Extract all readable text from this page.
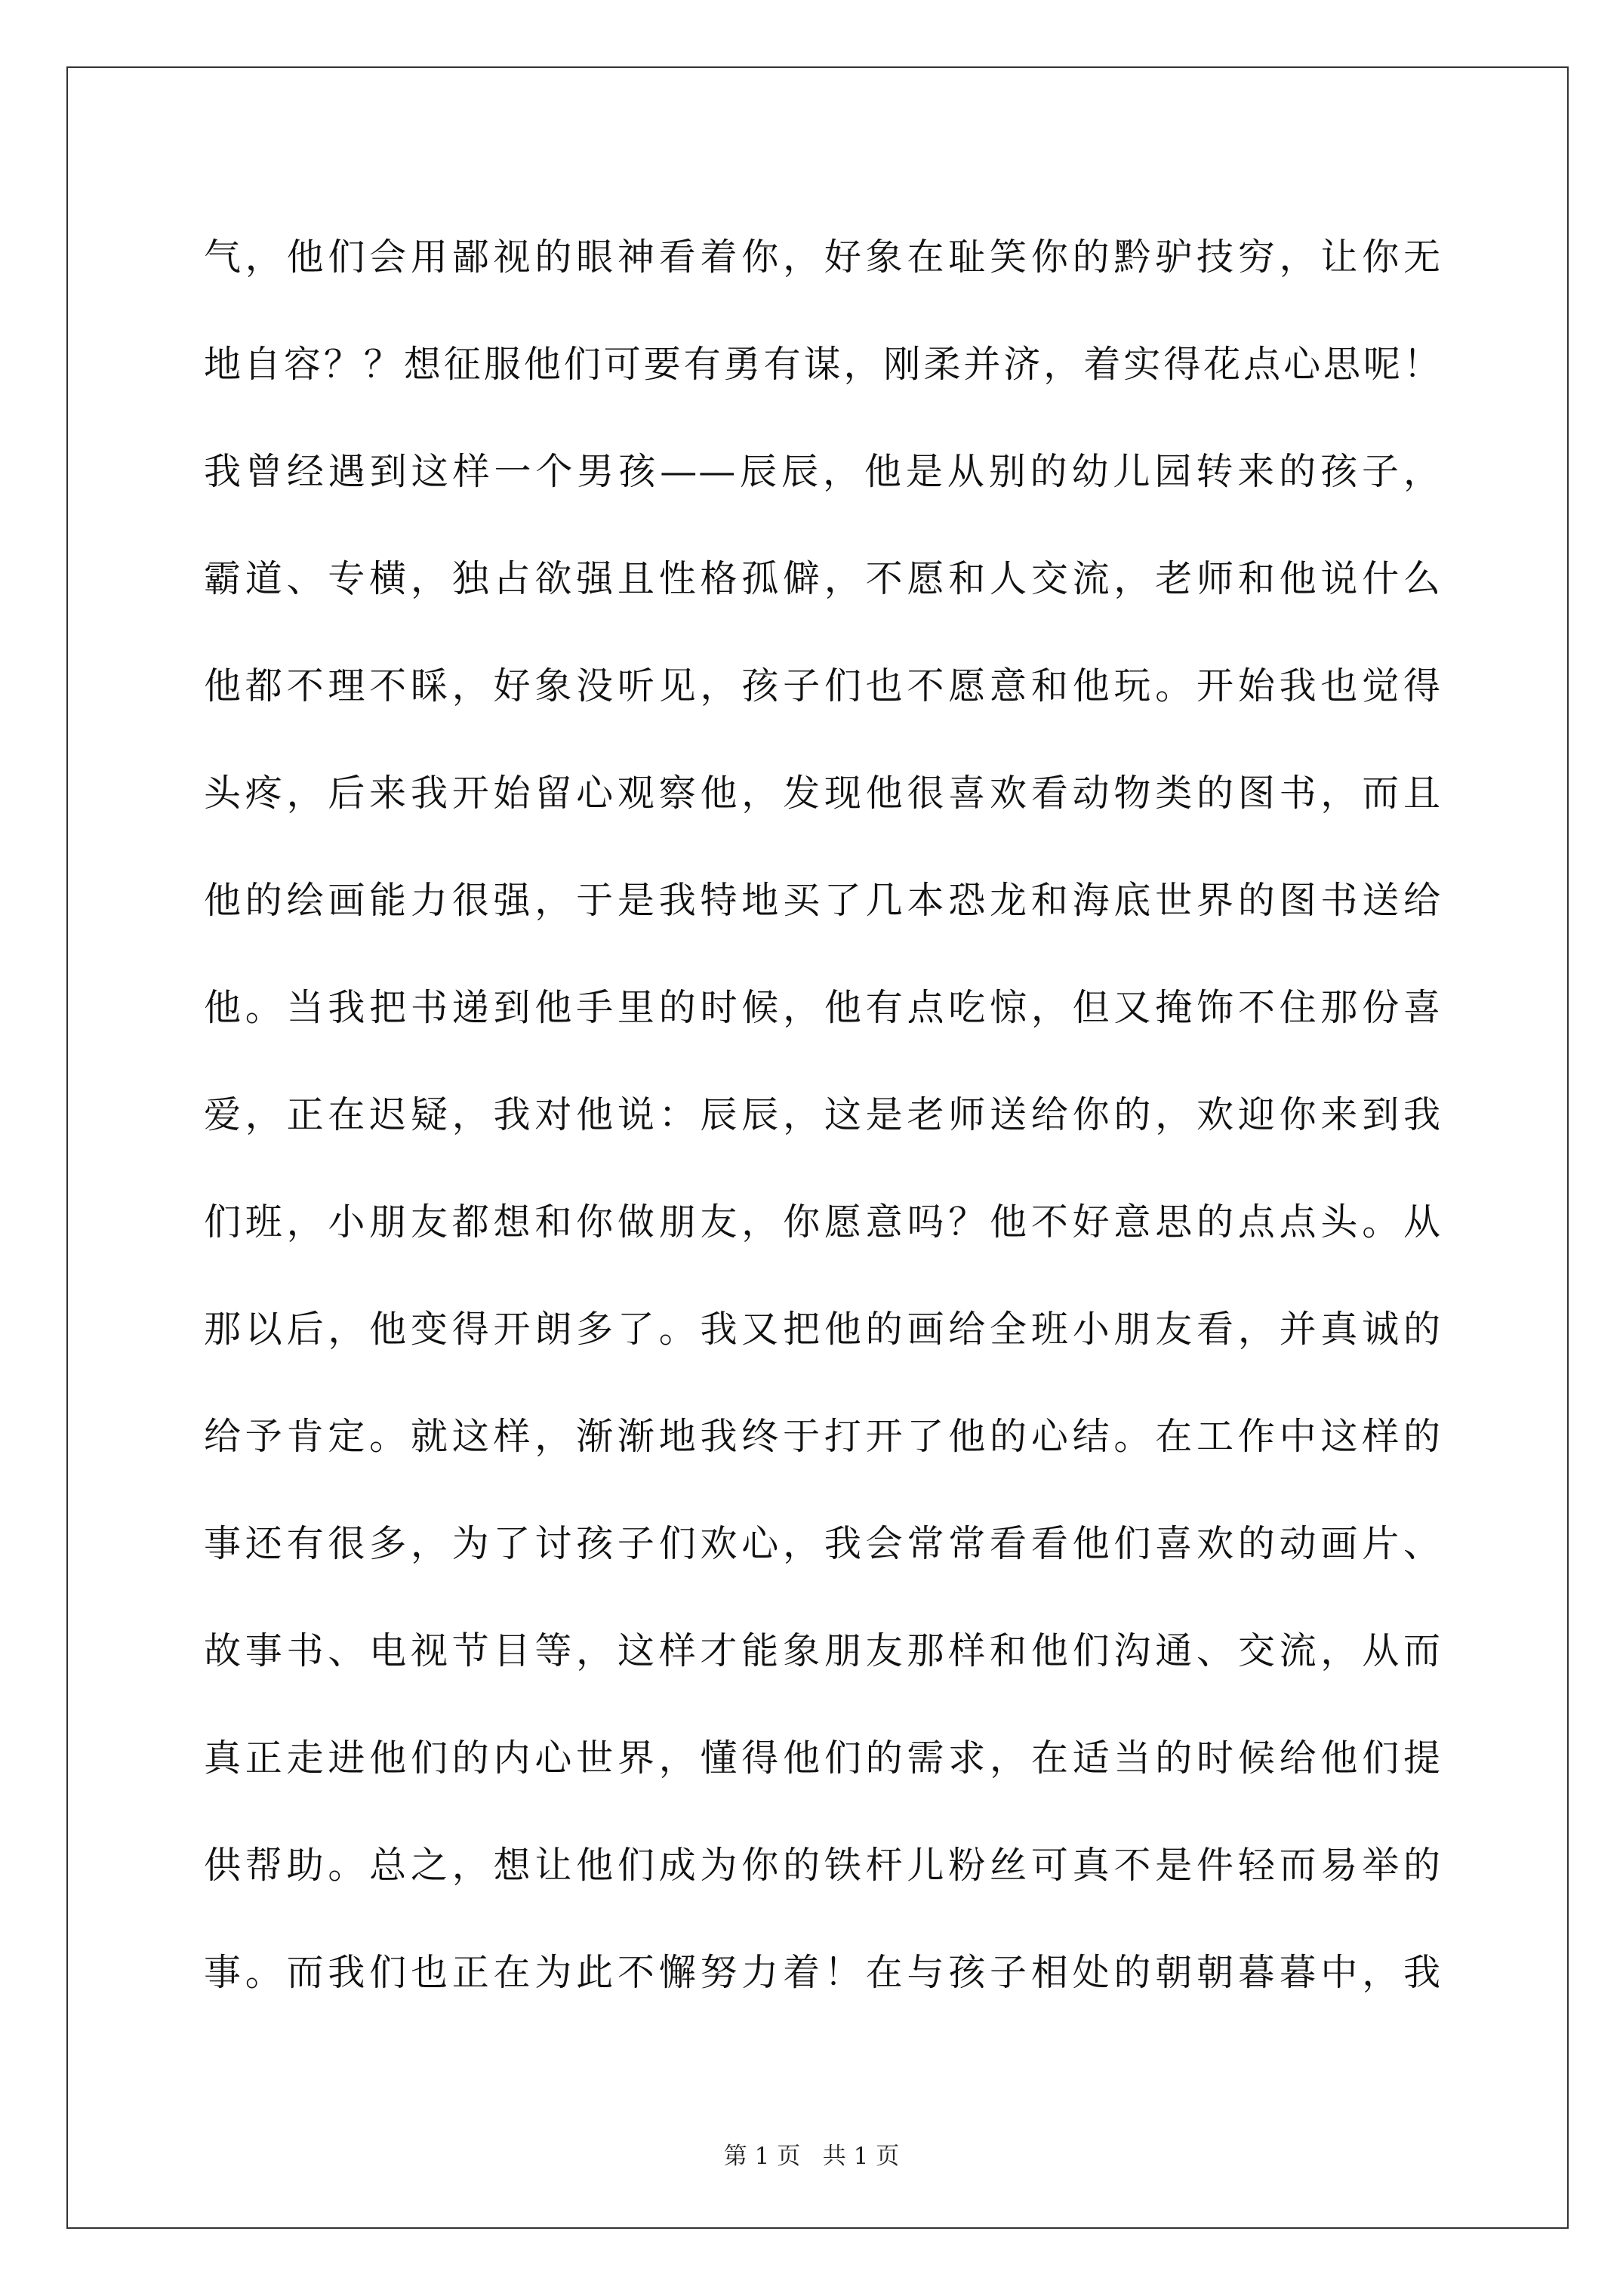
气，他们会用鄙视的眼神看着你，好象在耻笑你的黔驴技穷，让你无
地自容？？想征服他们可要有勇有谋，刚柔并济，着实得花点心思呢！
我曾经遇到这样一个男孩——辰辰，他是从别的幼儿园转来的孩子，
霸道、专横，独占欲强且性格孤僻，不愿和人交流，老师和他说什么
他都不理不睬，好象没听见，孩子们也不愿意和他玩。开始我也觉得
头疼，后来我开始留心观察他，发现他很喜欢看动物类的图书，而且
他的绘画能力很强，于是我特地买了几本恐龙和海底世界的图书送给
他。当我把书递到他手里的时候，他有点吃惊，但又掩饰不住那份喜
爱，正在迟疑，我对他说：辰辰，这是老师送给你的，欢迎你来到我
们班，小朋友都想和你做朋友，你愿意吗？他不好意思的点点头。从
那以后，他变得开朗多了。我又把他的画给全班小朋友看，并真诚的
给予肯定。就这样，渐渐地我终于打开了他的心结。在工作中这样的
事还有很多，为了讨孩子们欢心，我会常常看看他们喜欢的动画片、
故事书、电视节目等，这样才能象朋友那样和他们沟通、交流，从而
真正走进他们的内心世界，懂得他们的需求，在适当的时候给他们提
供帮助。总之，想让他们成为你的铁杆儿粉丝可真不是件轻而易举的
事。而我们也正在为此不懈努力着！在与孩子相处的朝朝暮暮中，我
第 1 页   共 1 页
